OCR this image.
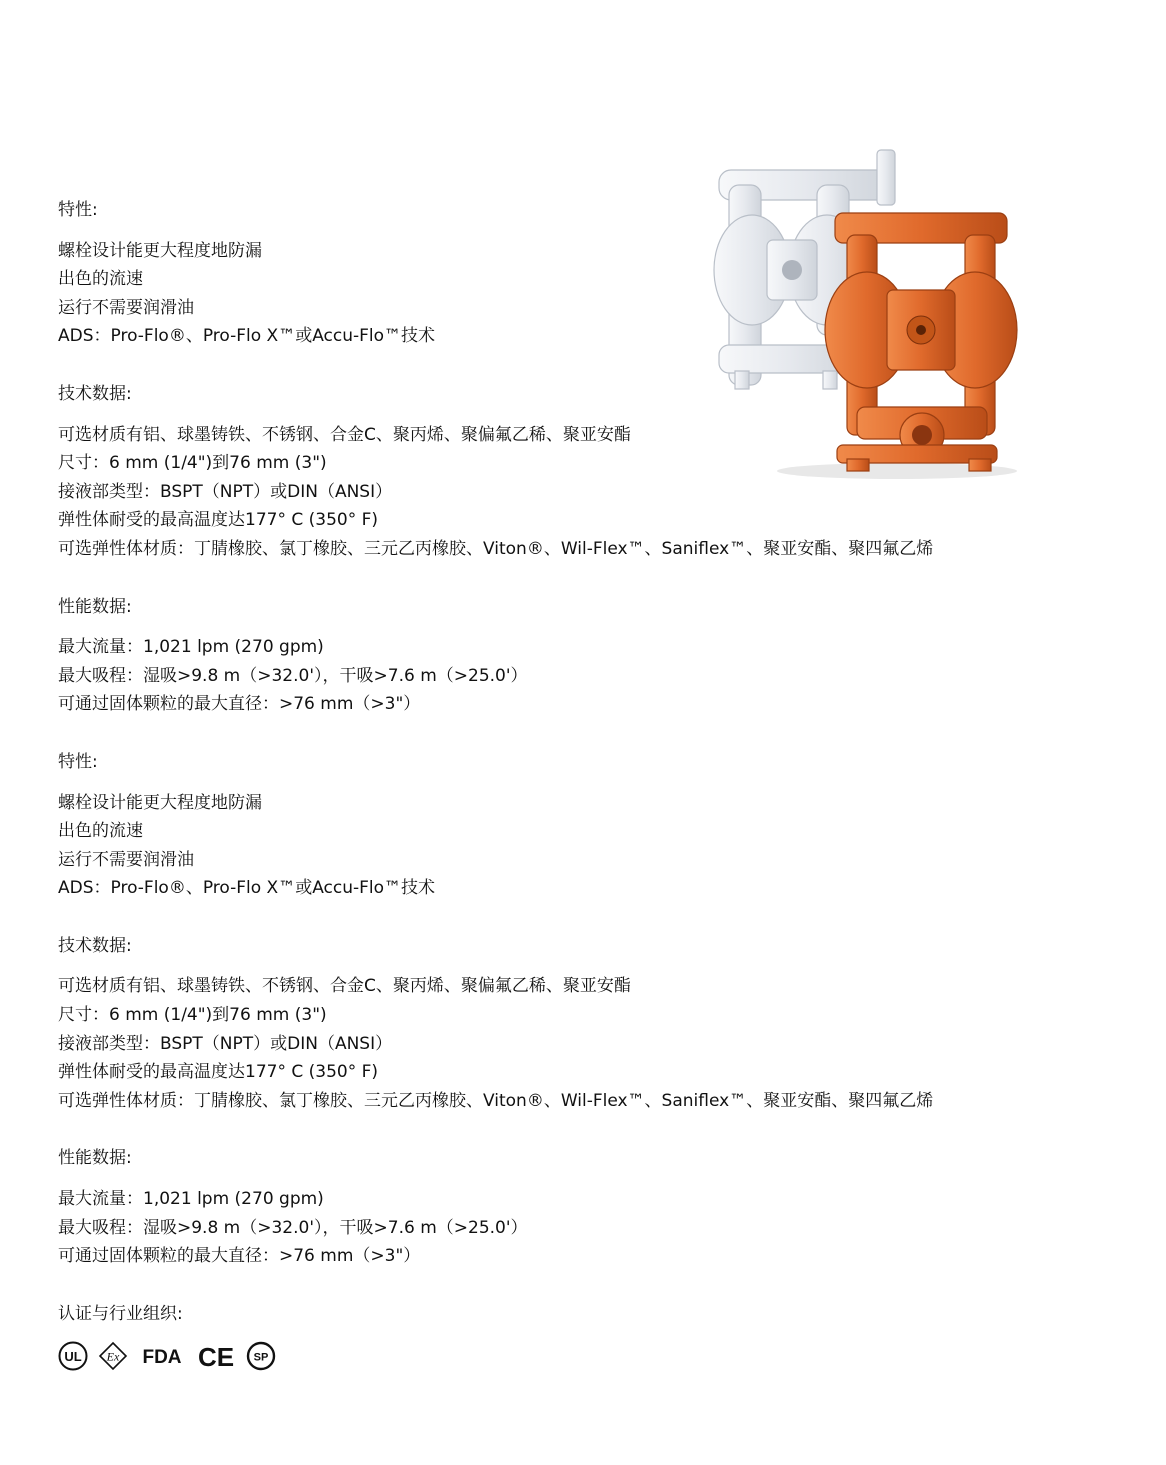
特性:
螺栓设计能更大程度地防漏
出色的流速
运行不需要润滑油
ADS：Pro-Flo®、Pro-Flo X™或Accu-Flo™技术
技术数据:
可选材质有铝、球墨铸铁、不锈钢、合金C、聚丙烯、聚偏氟乙稀、聚亚安酯
尺寸：6 mm (1/4")到76 mm (3")
接液部类型：BSPT（NPT）或DIN（ANSI）
弹性体耐受的最高温度达177° C (350° F)
可选弹性体材质：丁腈橡胶、氯丁橡胶、三元乙丙橡胶、Viton®、Wil-Flex™、Saniflex™、聚亚安酯、聚四氟乙烯
性能数据:
最大流量：1,021 lpm (270 gpm)
最大吸程：湿吸>9.8 m（>32.0'），干吸>7.6 m（>25.0'）
可通过固体颗粒的最大直径：>76 mm（>3"）
特性:
螺栓设计能更大程度地防漏
出色的流速
运行不需要润滑油
ADS：Pro-Flo®、Pro-Flo X™或Accu-Flo™技术
技术数据:
可选材质有铝、球墨铸铁、不锈钢、合金C、聚丙烯、聚偏氟乙稀、聚亚安酯
尺寸：6 mm (1/4")到76 mm (3")
接液部类型：BSPT（NPT）或DIN（ANSI）
弹性体耐受的最高温度达177° C (350° F)
可选弹性体材质：丁腈橡胶、氯丁橡胶、三元乙丙橡胶、Viton®、Wil-Flex™、Saniflex™、聚亚安酯、聚四氟乙烯
性能数据:
最大流量：1,021 lpm (270 gpm)
最大吸程：湿吸>9.8 m（>32.0'），干吸>7.6 m（>25.0'）
可通过固体颗粒的最大直径：>76 mm（>3"）
认证与行业组织:
UL Ex FDA CE SP
